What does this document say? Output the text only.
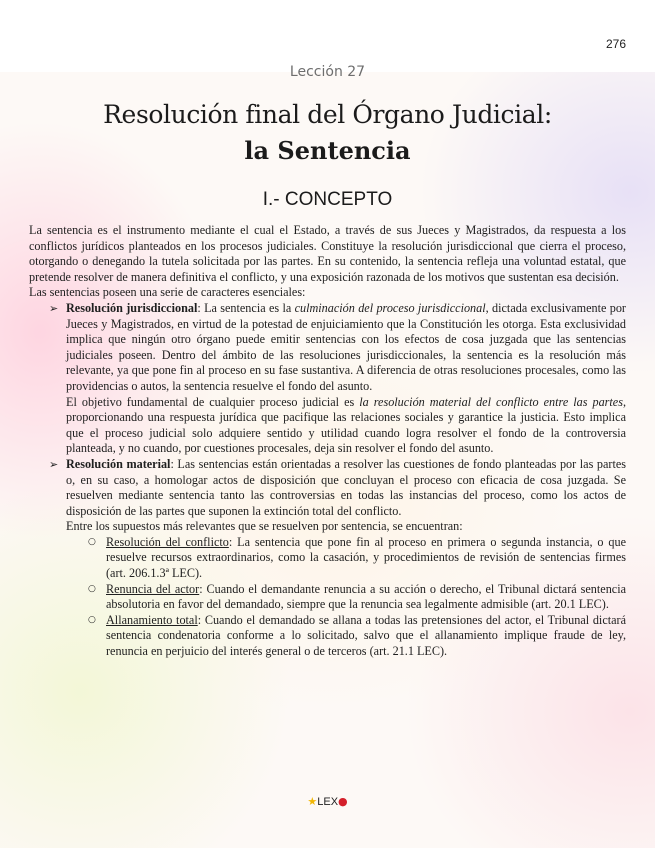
276
Lección 27
Resolución final del Órgano Judicial:
la Sentencia
I.- CONCEPTO

La sentencia es el instrumento mediante el cual el Estado, a través de sus Jueces y Magistrados, da respuesta a los conflictos jurídicos planteados en los procesos judiciales. Constituye la resolución jurisdiccional que cierra el proceso, otorgando o denegando la tutela solicitada por las partes. En su contenido, la sentencia refleja una voluntad estatal, que pretende resolver de manera definitiva el conflicto, y una exposición razonada de los motivos que sustentan esa decisión.

Las sentencias poseen una serie de caracteres esenciales:

➢ Resolución jurisdiccional: La sentencia es la culminación del proceso jurisdiccional, dictada exclusivamente por Jueces y Magistrados, en virtud de la potestad de enjuiciamiento que la Constitución les otorga. Esta exclusividad implica que ningún otro órgano puede emitir sentencias con los efectos de cosa juzgada que las sentencias judiciales poseen. Dentro del ámbito de las resoluciones jurisdiccionales, la sentencia es la resolución más relevante, ya que pone fin al proceso en su fase sustantiva. A diferencia de otras resoluciones procesales, como las providencias o autos, la sentencia resuelve el fondo del asunto.

El objetivo fundamental de cualquier proceso judicial es la resolución material del conflicto entre las partes, proporcionando una respuesta jurídica que pacifique las relaciones sociales y garantice la justicia. Esto implica que el proceso judicial solo adquiere sentido y utilidad cuando logra resolver el fondo de la controversia planteada, y no cuando, por cuestiones procesales, deja sin resolver el fondo del asunto.

➢ Resolución material: Las sentencias están orientadas a resolver las cuestiones de fondo planteadas por las partes o, en su caso, a homologar actos de disposición que concluyan el proceso con eficacia de cosa juzgada. Se resuelven mediante sentencia tanto las controversias en todas las instancias del proceso, como los actos de disposición de las partes que suponen la extinción total del conflicto.

Entre los supuestos más relevantes que se resuelven por sentencia, se encuentran:

○ Resolución del conflicto: La sentencia que pone fin al proceso en primera o segunda instancia, o que resuelve recursos extraordinarios, como la casación, y procedimientos de revisión de sentencias firmes (art. 206.1.3ª LEC).

○ Renuncia del actor: Cuando el demandante renuncia a su acción o derecho, el Tribunal dictará sentencia absolutoria en favor del demandado, siempre que la renuncia sea legalmente admisible (art. 20.1 LEC).

○ Allanamiento total: Cuando el demandado se allana a todas las pretensiones del actor, el Tribunal dictará sentencia condenatoria conforme a lo solicitado, salvo que el allanamiento implique fraude de ley, renuncia en perjuicio del interés general o de terceros (art. 21.1 LEC).

★LEX●
